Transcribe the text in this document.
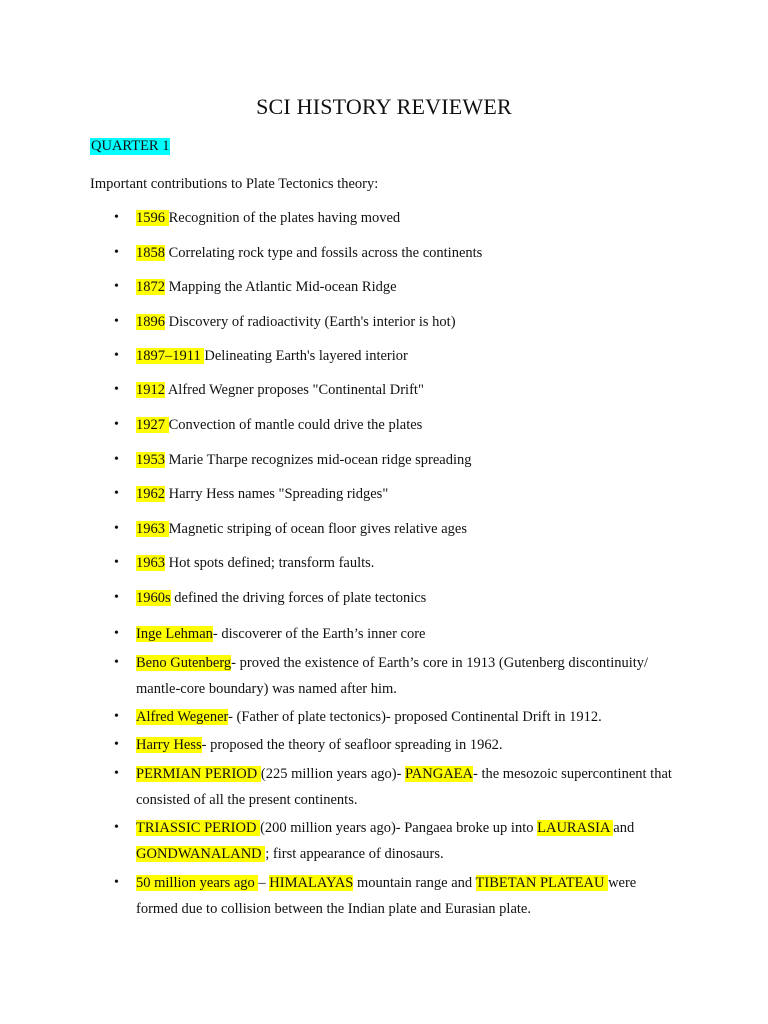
SCI HISTORY REVIEWER
QUARTER 1
Important contributions to Plate Tectonics theory:
• 1596 Recognition of the plates having moved
• 1858 Correlating rock type and fossils across the continents
• 1872 Mapping the Atlantic Mid-ocean Ridge
• 1896 Discovery of radioactivity (Earth's interior is hot)
• 1897–1911 Delineating Earth's layered interior
• 1912 Alfred Wegner proposes "Continental Drift"
• 1927 Convection of mantle could drive the plates
• 1953 Marie Tharpe recognizes mid-ocean ridge spreading
• 1962 Harry Hess names "Spreading ridges"
• 1963 Magnetic striping of ocean floor gives relative ages
• 1963 Hot spots defined; transform faults.
• 1960s defined the driving forces of plate tectonics
• Inge Lehman- discoverer of the Earth’s inner core
• Beno Gutenberg- proved the existence of Earth’s core in 1913 (Gutenberg discontinuity/ mantle-core boundary) was named after him.
• Alfred Wegener- (Father of plate tectonics)- proposed Continental Drift in 1912.
• Harry Hess- proposed the theory of seafloor spreading in 1962.
• PERMIAN PERIOD (225 million years ago)- PANGAEA- the mesozoic supercontinent that consisted of all the present continents.
• TRIASSIC PERIOD (200 million years ago)- Pangaea broke up into LAURASIA and GONDWANALAND ; first appearance of dinosaurs.
• 50 million years ago – HIMALAYAS mountain range and TIBETAN PLATEAU were formed due to collision between the Indian plate and Eurasian plate.
